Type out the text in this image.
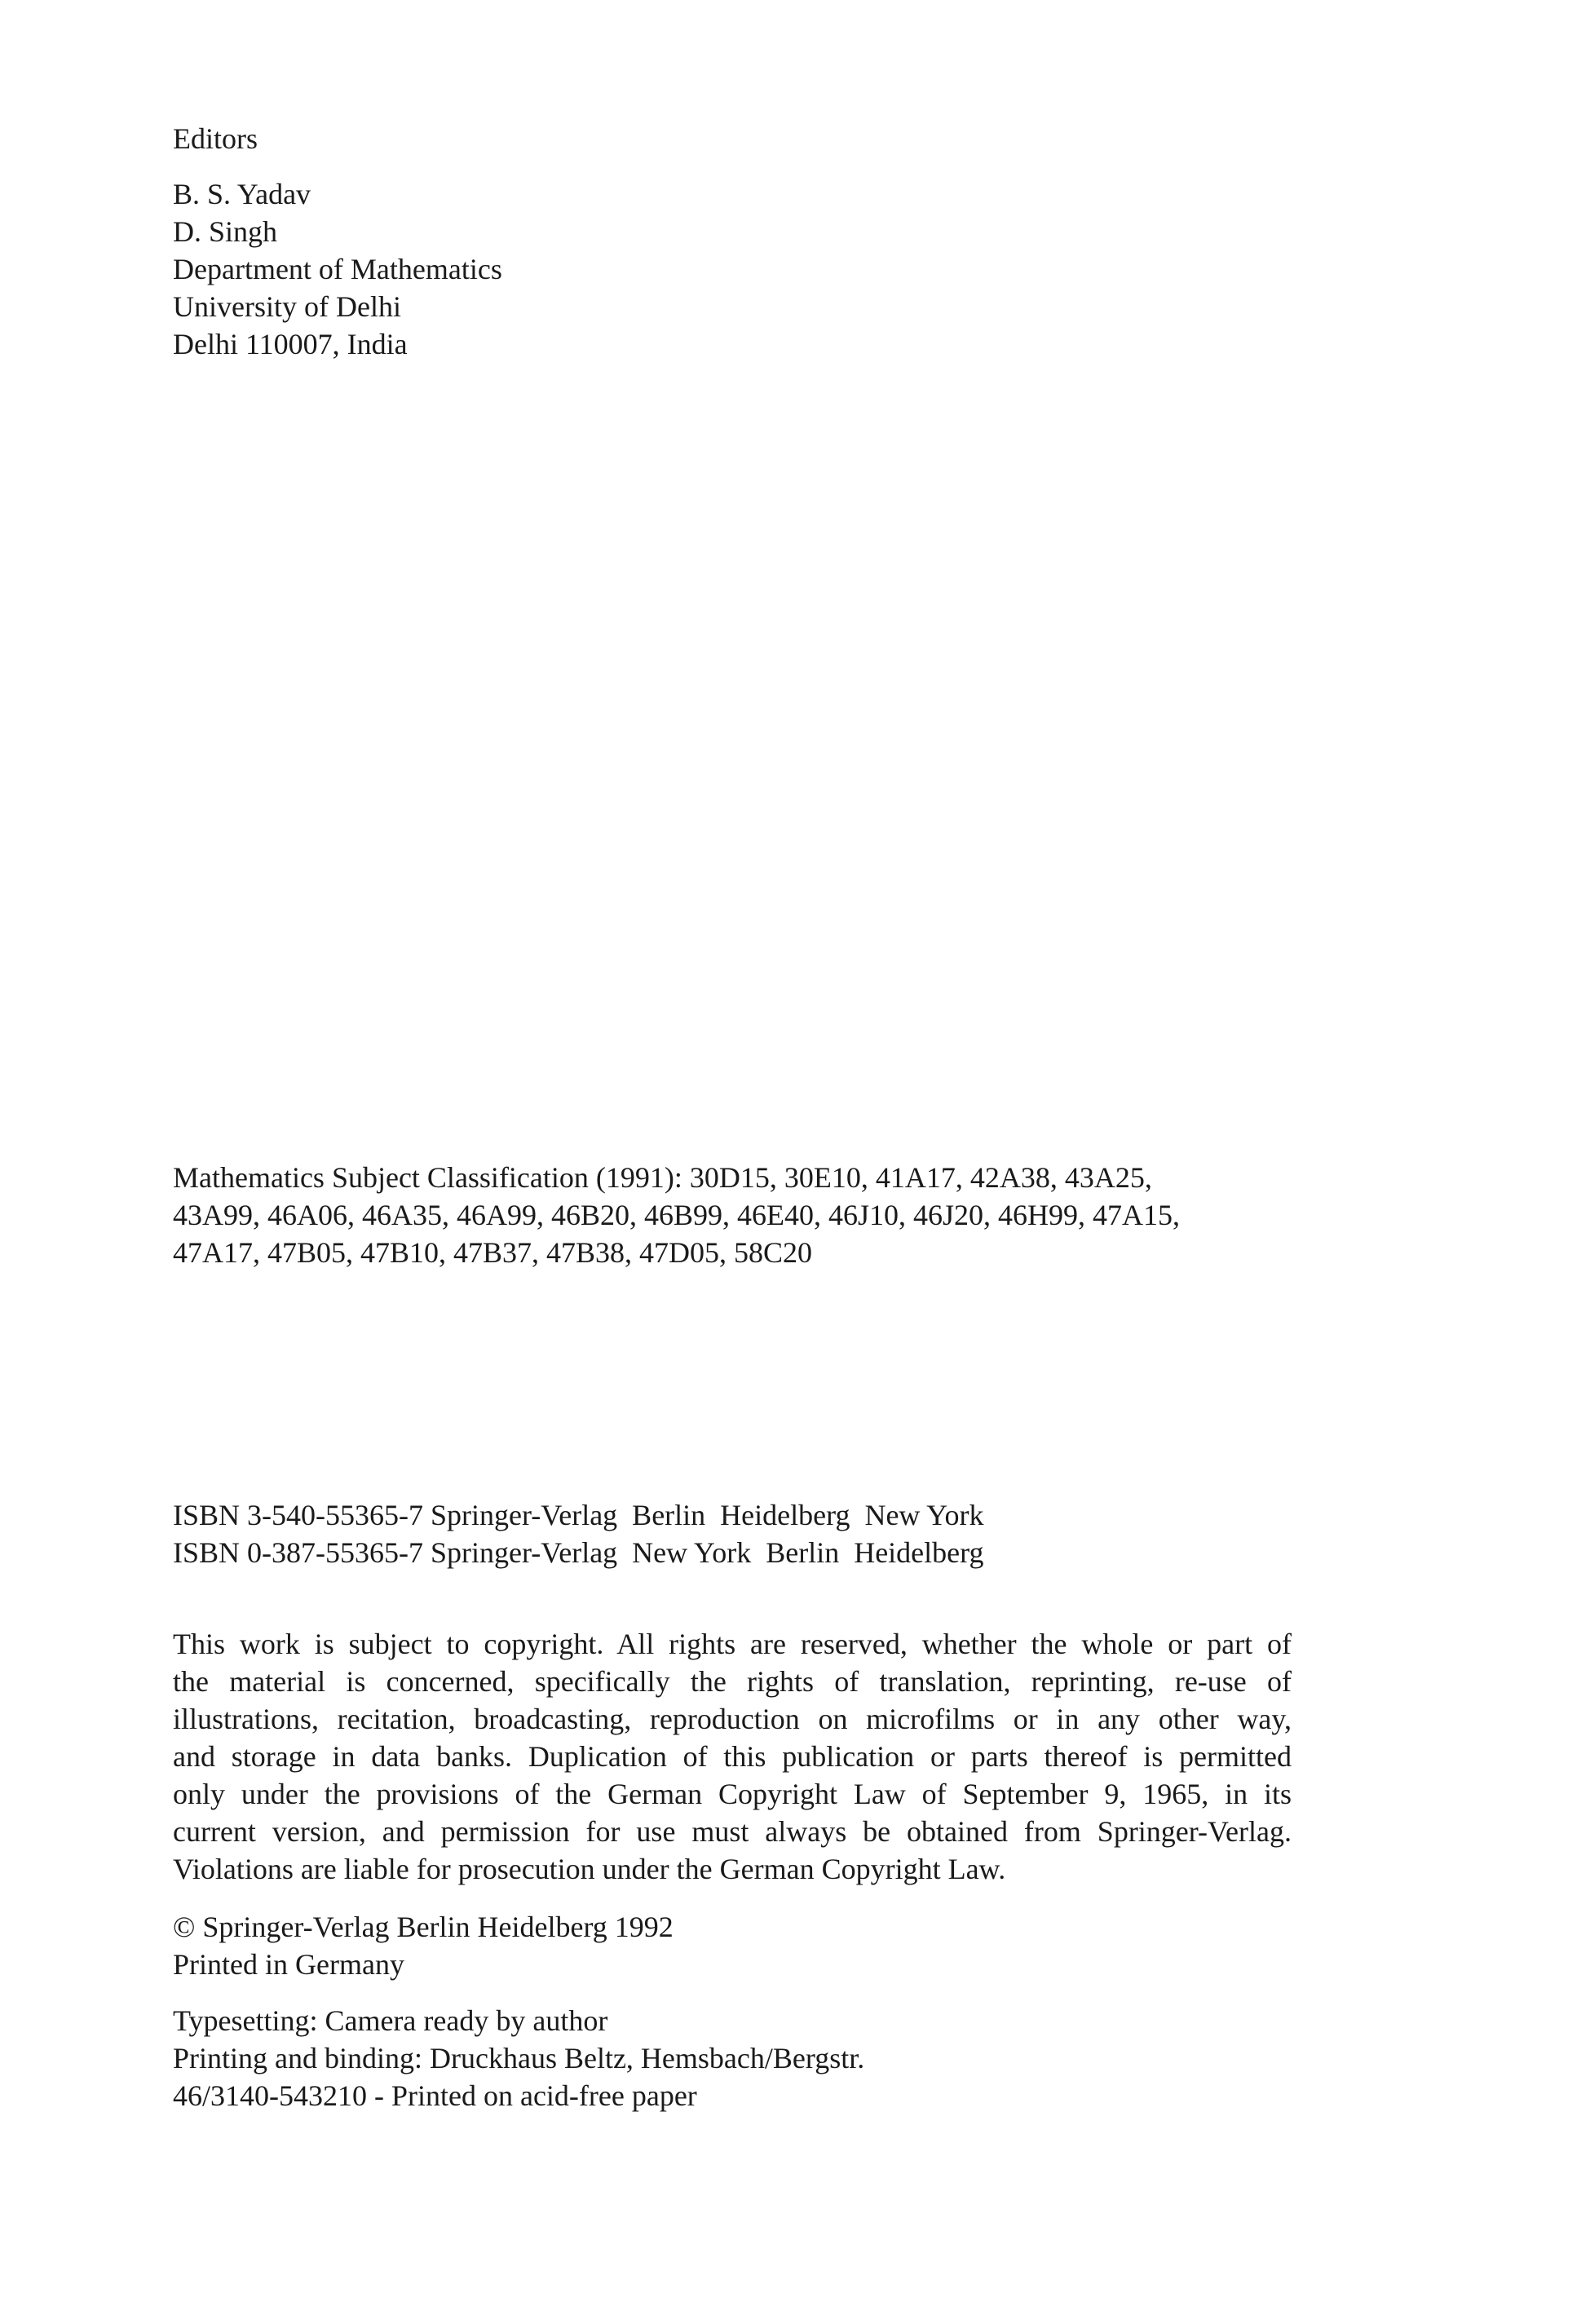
Editors
B. S. Yadav
D. Singh
Department of Mathematics
University of Delhi
Delhi 110007, India
Mathematics Subject Classification (1991): 30D15, 30E10, 41A17, 42A38, 43A25,
43A99, 46A06, 46A35, 46A99, 46B20, 46B99, 46E40, 46J10, 46J20, 46H99, 47A15,
47A17, 47B05, 47B10, 47B37, 47B38, 47D05, 58C20
ISBN 3-540-55365-7 Springer-Verlag  Berlin  Heidelberg  New York
ISBN 0-387-55365-7 Springer-Verlag  New York  Berlin  Heidelberg
This work is subject to copyright. All rights are reserved, whether the whole or part of
the material is concerned, specifically the rights of translation, reprinting, re-use of
illustrations, recitation, broadcasting, reproduction on microfilms or in any other way,
and storage in data banks. Duplication of this publication or parts thereof is permitted
only under the provisions of the German Copyright Law of September 9, 1965, in its
current version, and permission for use must always be obtained from Springer-Verlag.
Violations are liable for prosecution under the German Copyright Law.
© Springer-Verlag Berlin Heidelberg 1992
Printed in Germany
Typesetting: Camera ready by author
Printing and binding: Druckhaus Beltz, Hemsbach/Bergstr.
46/3140-543210 - Printed on acid-free paper
